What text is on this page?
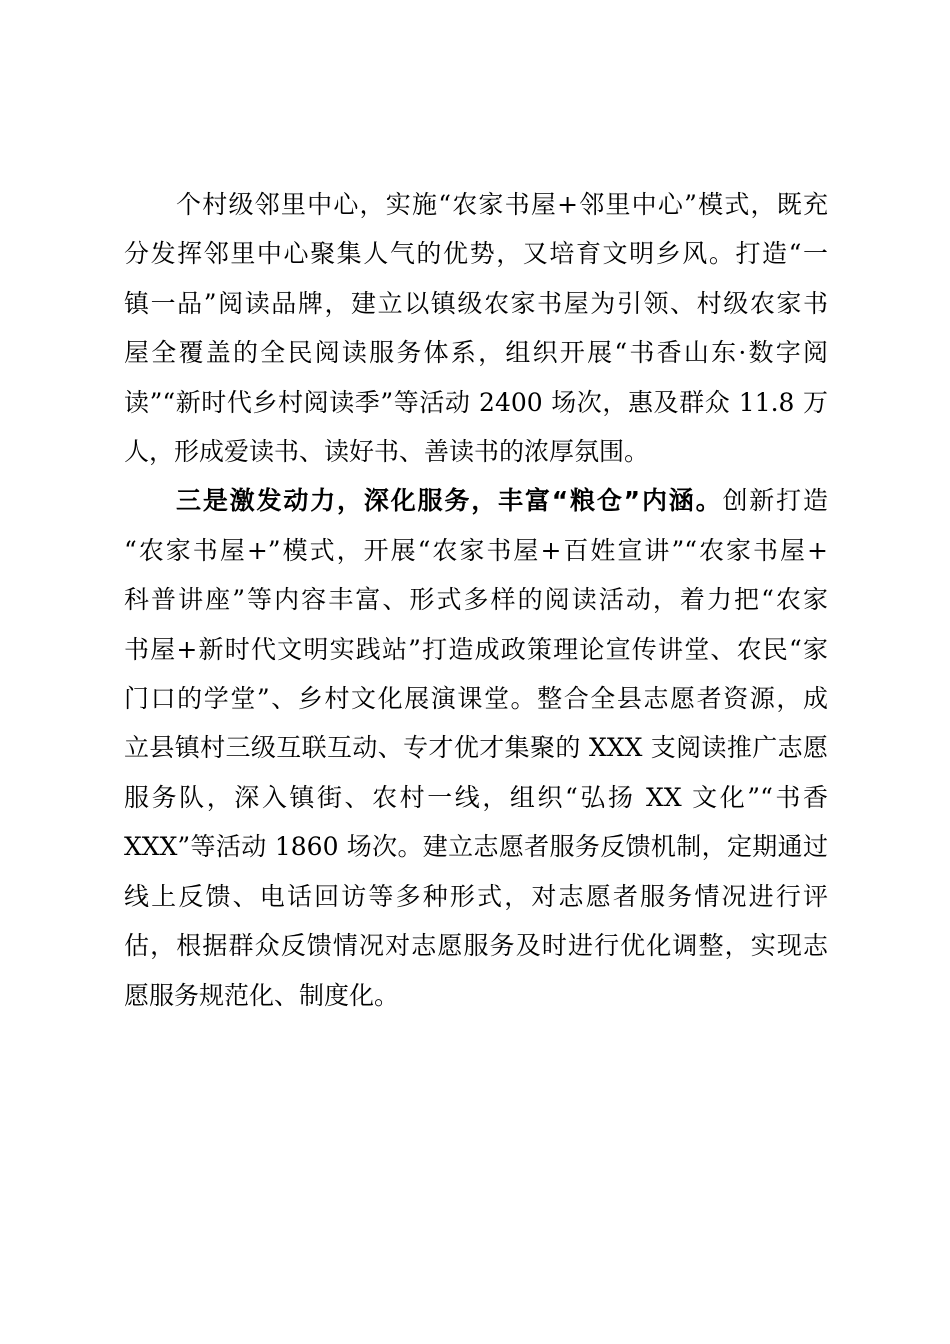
个村级邻里中心，实施“农家书屋+邻里中心”模式，既充
分发挥邻里中心聚集人气的优势，又培育文明乡风。打造“一
镇一品”阅读品牌，建立以镇级农家书屋为引领、村级农家书
屋全覆盖的全民阅读服务体系，组织开展“书香山东·数字阅
读”“新时代乡村阅读季”等活动 2400 场次，惠及群众 11.8 万
人，形成爱读书、读好书、善读书的浓厚氛围。
三是激发动力，深化服务，丰富“粮仓”内涵。创新打造
“农家书屋+”模式，开展“农家书屋+百姓宣讲”“农家书屋+
科普讲座”等内容丰富、形式多样的阅读活动，着力把“农家
书屋+新时代文明实践站”打造成政策理论宣传讲堂、农民“家
门口的学堂”、乡村文化展演课堂。整合全县志愿者资源，成
立县镇村三级互联互动、专才优才集聚的 XXX 支阅读推广志愿
服务队，深入镇街、农村一线，组织“弘扬 XX 文化”“书香
XXX”等活动 1860 场次。建立志愿者服务反馈机制，定期通过
线上反馈、电话回访等多种形式，对志愿者服务情况进行评
估，根据群众反馈情况对志愿服务及时进行优化调整，实现志
愿服务规范化、制度化。
